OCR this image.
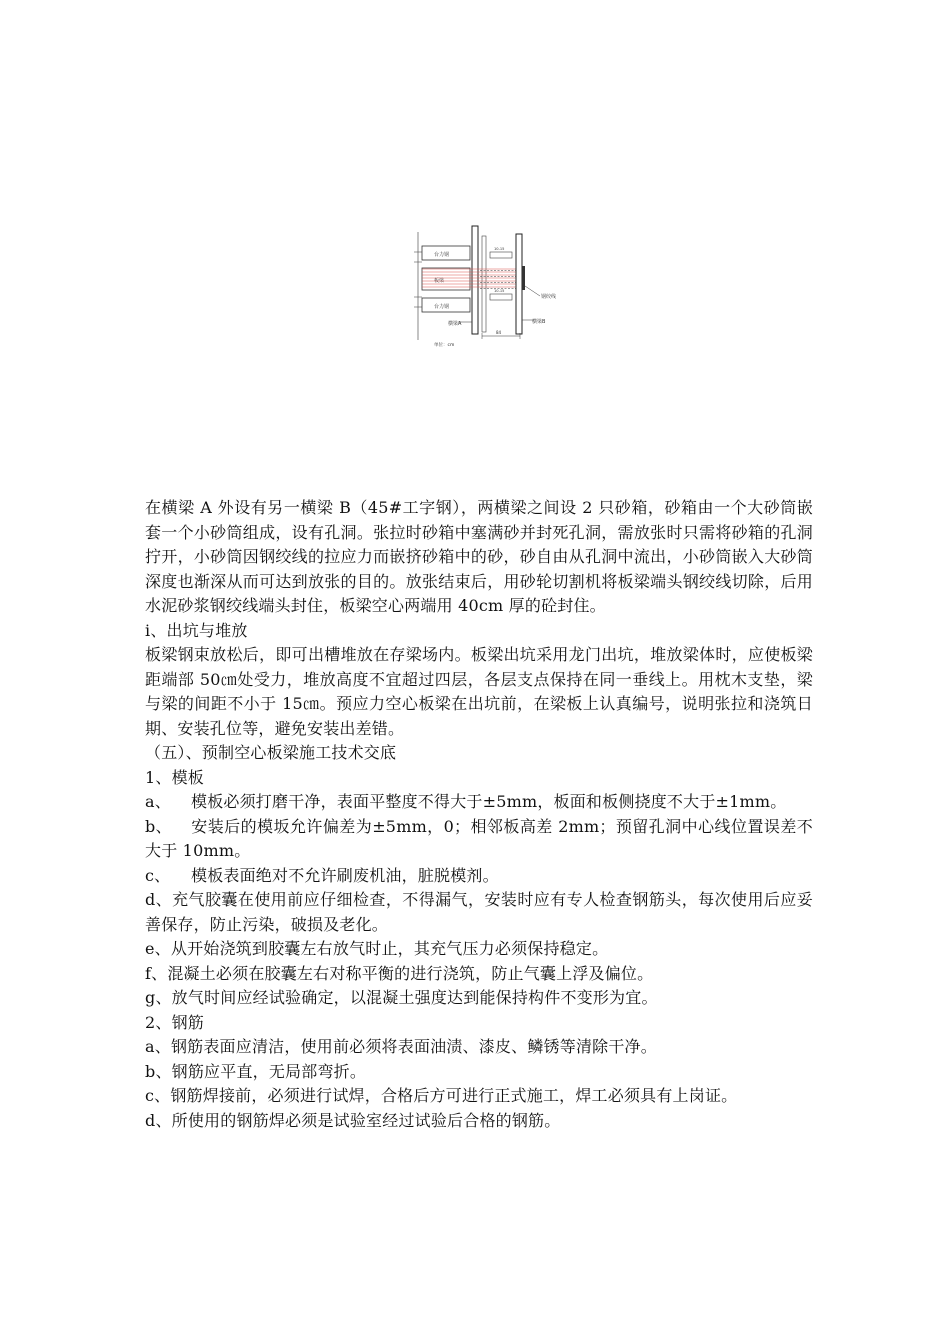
台力钢
板梁
台力钢
10-15
10-15
钢绞线
横梁A	横梁B
84
单位：cm

在横梁 A 外设有另一横梁 B（45#工字钢），两横梁之间设 2 只砂箱，砂箱由一个大砂筒嵌套一个小砂筒组成，设有孔洞。张拉时砂箱中塞满砂并封死孔洞，需放张时只需将砂箱的孔洞拧开，小砂筒因钢绞线的拉应力而嵌挤砂箱中的砂，砂自由从孔洞中流出，小砂筒嵌入大砂筒深度也渐深从而可达到放张的目的。放张结束后，用砂轮切割机将板梁端头钢绞线切除，后用水泥砂浆钢绞线端头封住，板梁空心两端用 40cm 厚的砼封住。

i、出坑与堆放

板梁钢束放松后，即可出槽堆放在存梁场内。板梁出坑采用龙门出坑，堆放梁体时，应使板梁距端部 50㎝处受力，堆放高度不宜超过四层，各层支点保持在同一垂线上。用枕木支垫，梁与梁的间距不小于 15㎝。预应力空心板梁在出坑前，在梁板上认真编号，说明张拉和浇筑日期、安装孔位等，避免安装出差错。

（五）、预制空心板梁施工技术交底

1、模板

a、 模板必须打磨干净，表面平整度不得大于±5mm，板面和板侧挠度不大于±1mm。

b、 安装后的模坂允许偏差为±5mm，0；相邻板高差 2mm；预留孔洞中心线位置误差不大于 10mm。

c、 模板表面绝对不允许刷废机油，脏脱模剂。

d、充气胶囊在使用前应仔细检查，不得漏气，安装时应有专人检查钢筋头，每次使用后应妥善保存，防止污染，破损及老化。

e、从开始浇筑到胶囊左右放气时止，其充气压力必须保持稳定。

f、混凝土必须在胶囊左右对称平衡的进行浇筑，防止气囊上浮及偏位。

g、放气时间应经试验确定，以混凝土强度达到能保持构件不变形为宜。

2、钢筋

a、钢筋表面应清洁，使用前必须将表面油渍、漆皮、鳞锈等清除干净。

b、钢筋应平直，无局部弯折。

c、钢筋焊接前，必须进行试焊，合格后方可进行正式施工，焊工必须具有上岗证。

d、所使用的钢筋焊必须是试验室经过试验后合格的钢筋。
